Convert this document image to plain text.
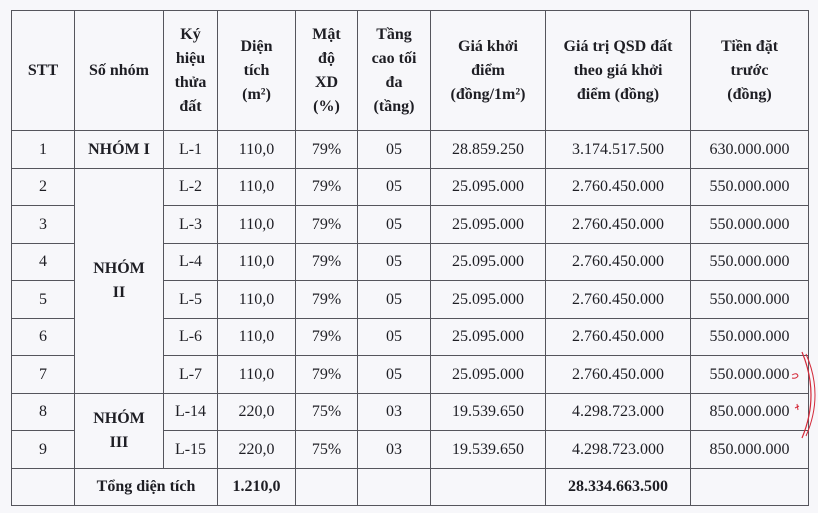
STT	Số nhóm	Ký
hiệu
thửa
đất	Diện
tích
(m²)	Mật
độ
XD
(%)	Tầng
cao tối
đa
(tầng)	Giá khởi
điểm
(đồng/1m²)	Giá trị QSD đất
theo giá khởi
điểm (đồng)	Tiền đặt
trước
(đồng)
1	NHÓM I	L-1	110,0	79%	05	28.859.250	3.174.517.500	630.000.000
2	NHÓM
II	L-2	110,0	79%	05	25.095.000	2.760.450.000	550.000.000
3		L-3	110,0	79%	05	25.095.000	2.760.450.000	550.000.000
4		L-4	110,0	79%	05	25.095.000	2.760.450.000	550.000.000
5		L-5	110,0	79%	05	25.095.000	2.760.450.000	550.000.000
6		L-6	110,0	79%	05	25.095.000	2.760.450.000	550.000.000
7		L-7	110,0	79%	05	25.095.000	2.760.450.000	550.000.000
8	NHÓM
III	L-14	220,0	75%	03	19.539.650	4.298.723.000	850.000.000
9		L-15	220,0	75%	03	19.539.650	4.298.723.000	850.000.000
	Tổng diện tích		1.210,0				28.334.663.500	
